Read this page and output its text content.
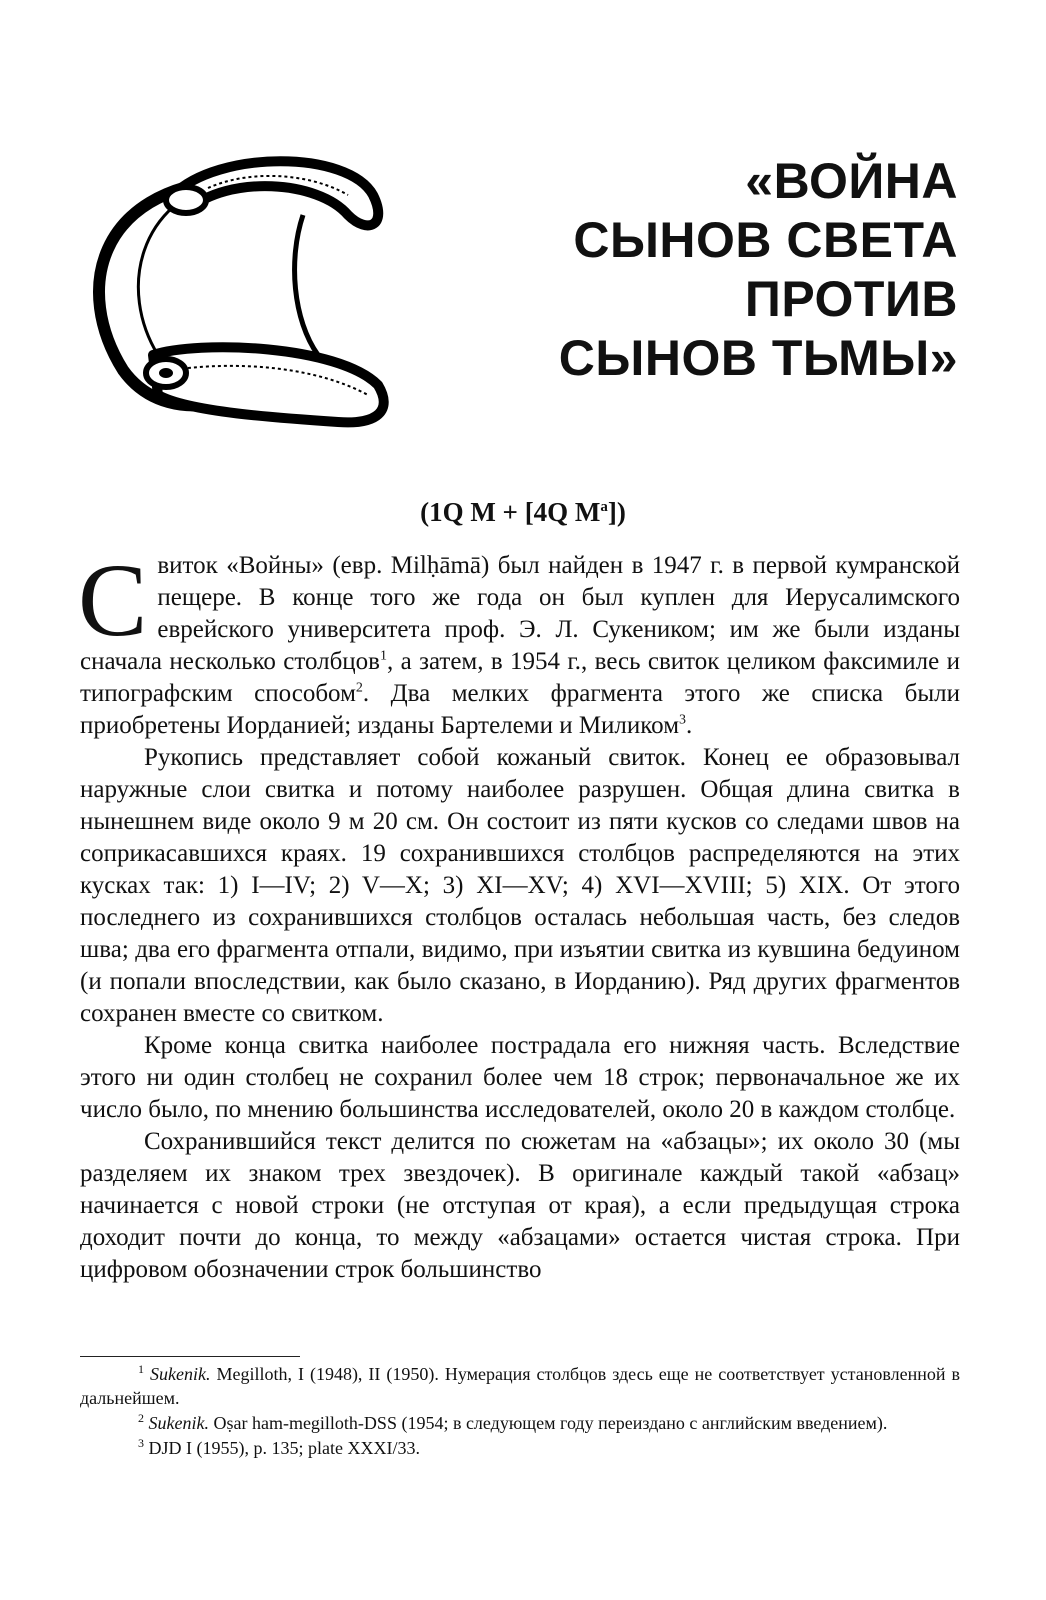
«ВОЙНА
СЫНОВ СВЕТА
ПРОТИВ
СЫНОВ ТЬМЫ»
(1Q M + [4Q $M^a$])

Свиток «Войны» (евр. Milḥāmā) был найден в 1947 г. в первой кумранской пещере. В конце того же года он был куплен для Иерусалимского еврейского университета проф. Э. Л. Сукеником; им же были изданы сначала несколько столбцов$^1$, а затем, в 1954 г., весь свиток целиком факсимиле и типографским способом$^2$. Два мелких фрагмента этого же списка были приобретены Иорданией; изданы Бартелеми и Миликом$^3$.

Рукопись представляет собой кожаный свиток. Конец ее образовывал наружные слои свитка и потому наиболее разрушен. Общая длина свитка в нынешнем виде около 9 м 20 см. Он состоит из пяти кусков со следами швов на соприкасавшихся краях. 19 сохранившихся столбцов распределяются на этих кусках так: 1) I—IV; 2) V—X; 3) XI—XV; 4) XVI—XVIII; 5) XIX. От этого последнего из сохранившихся столбцов осталась небольшая часть, без следов шва; два его фрагмента отпали, видимо, при изъятии свитка из кувшина бедуином (и попали впоследствии, как было сказано, в Иорданию). Ряд других фрагментов сохранен вместе со свитком.

Кроме конца свитка наиболее пострадала его нижняя часть. Вследствие этого ни один столбец не сохранил более чем 18 строк; первоначальное же их число было, по мнению большинства исследователей, около 20 в каждом столбце.

Сохранившийся текст делится по сюжетам на «абзацы»; их около 30 (мы разделяем их знаком трех звездочек). В оригинале каждый такой «абзац» начинается с новой строки (не отступая от края), а если предыдущая строка доходит почти до конца, то между «абзацами» остается чистая строка. При цифровом обозначении строк большинство

$^1$ Sukenik. Megilloth, I (1948), II (1950). Нумерация столбцов здесь еще не соответствует установленной в дальнейшем.

$^2$ Sukenik. Oṣar ham-megilloth-DSS (1954; в следующем году переиздано с английским введением).

$^3$ DJD I (1955), p. 135; plate XXXI/33.
